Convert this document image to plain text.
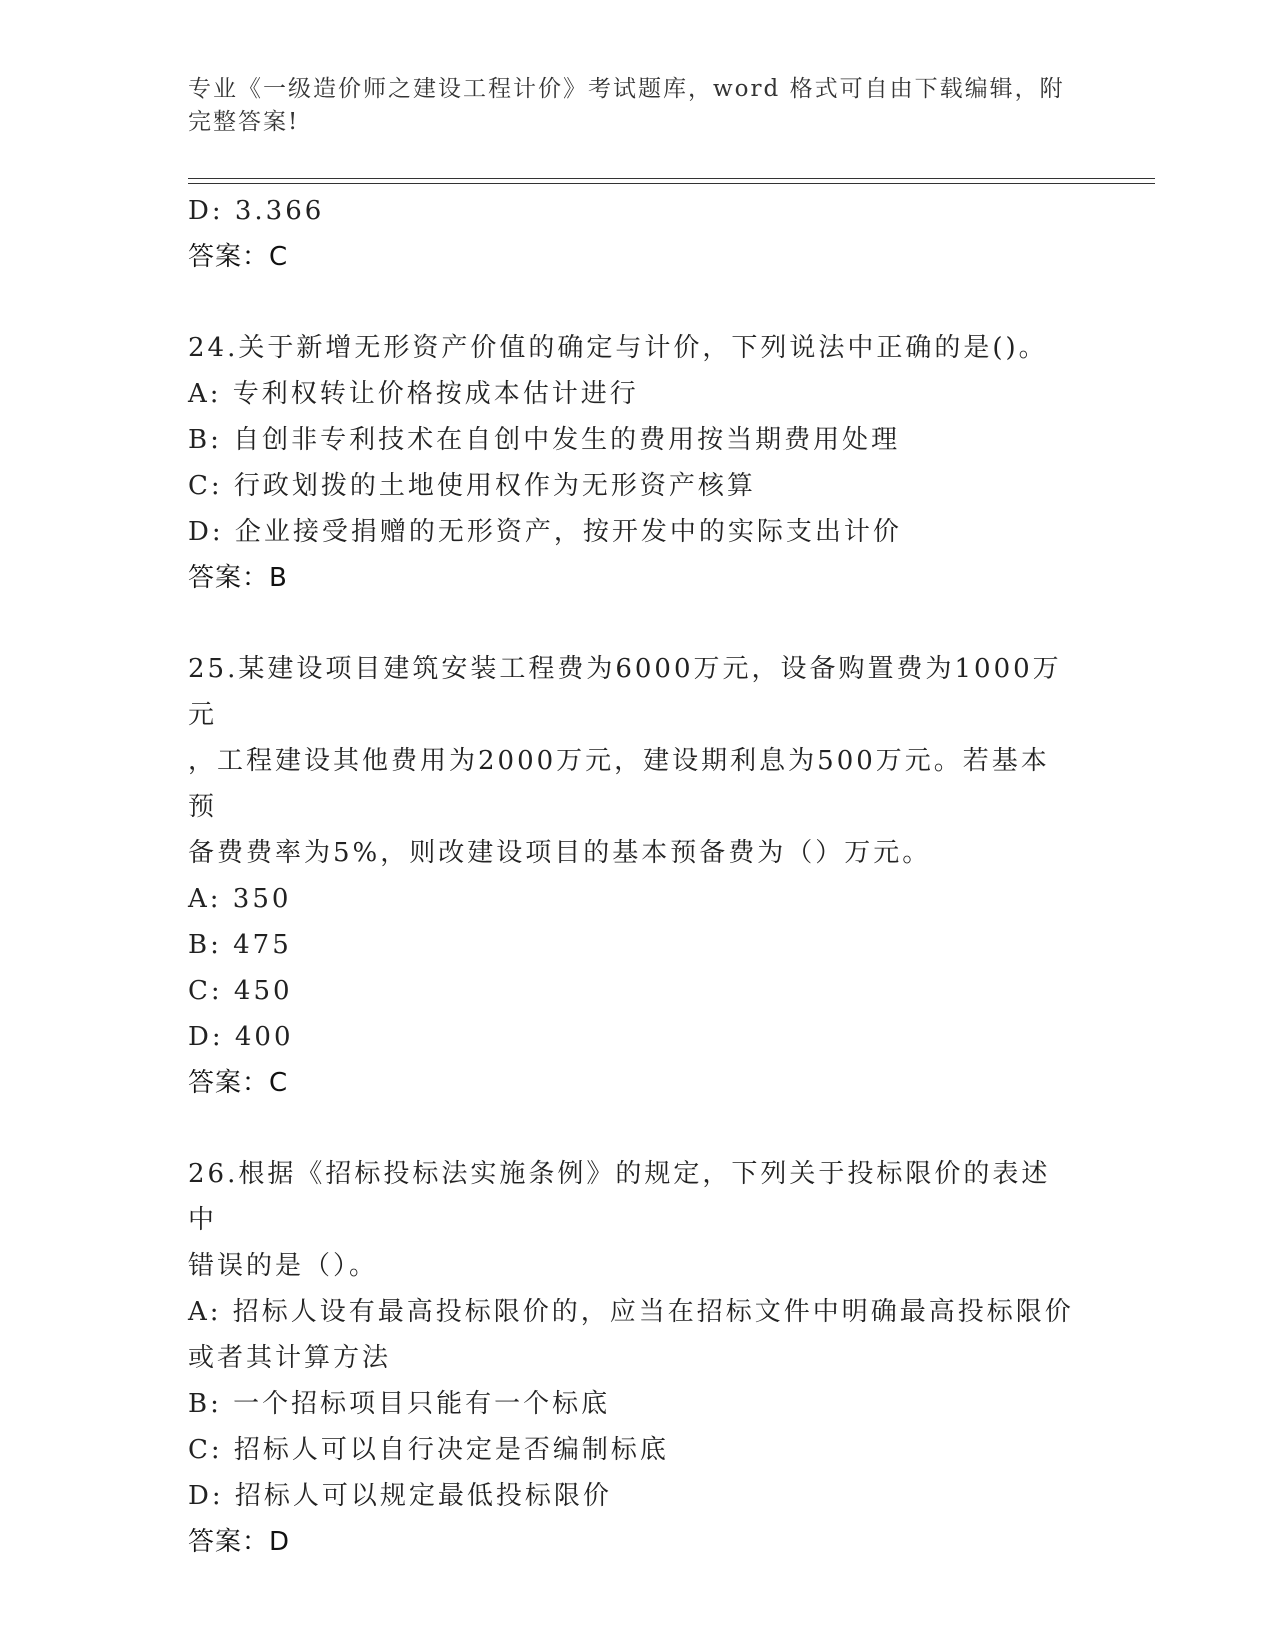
专业《一级造价师之建设工程计价》考试题库，word 格式可自由下载编辑，附完整答案!
D: 3.366
答案：C
24.关于新增无形资产价值的确定与计价，下列说法中正确的是()。
A: 专利权转让价格按成本估计进行
B: 自创非专利技术在自创中发生的费用按当期费用处理
C: 行政划拨的土地使用权作为无形资产核算
D: 企业接受捐赠的无形资产，按开发中的实际支出计价
答案：B
25.某建设项目建筑安装工程费为6000万元，设备购置费为1000万元
，工程建设其他费用为2000万元，建设期利息为500万元。若基本预
备费费率为5%，则改建设项目的基本预备费为（）万元。
A: 350
B: 475
C: 450
D: 400
答案：C
26.根据《招标投标法实施条例》的规定，下列关于投标限价的表述中
错误的是（）。
A: 招标人设有最高投标限价的，应当在招标文件中明确最高投标限价
或者其计算方法
B: 一个招标项目只能有一个标底
C: 招标人可以自行决定是否编制标底
D: 招标人可以规定最低投标限价
答案：D
